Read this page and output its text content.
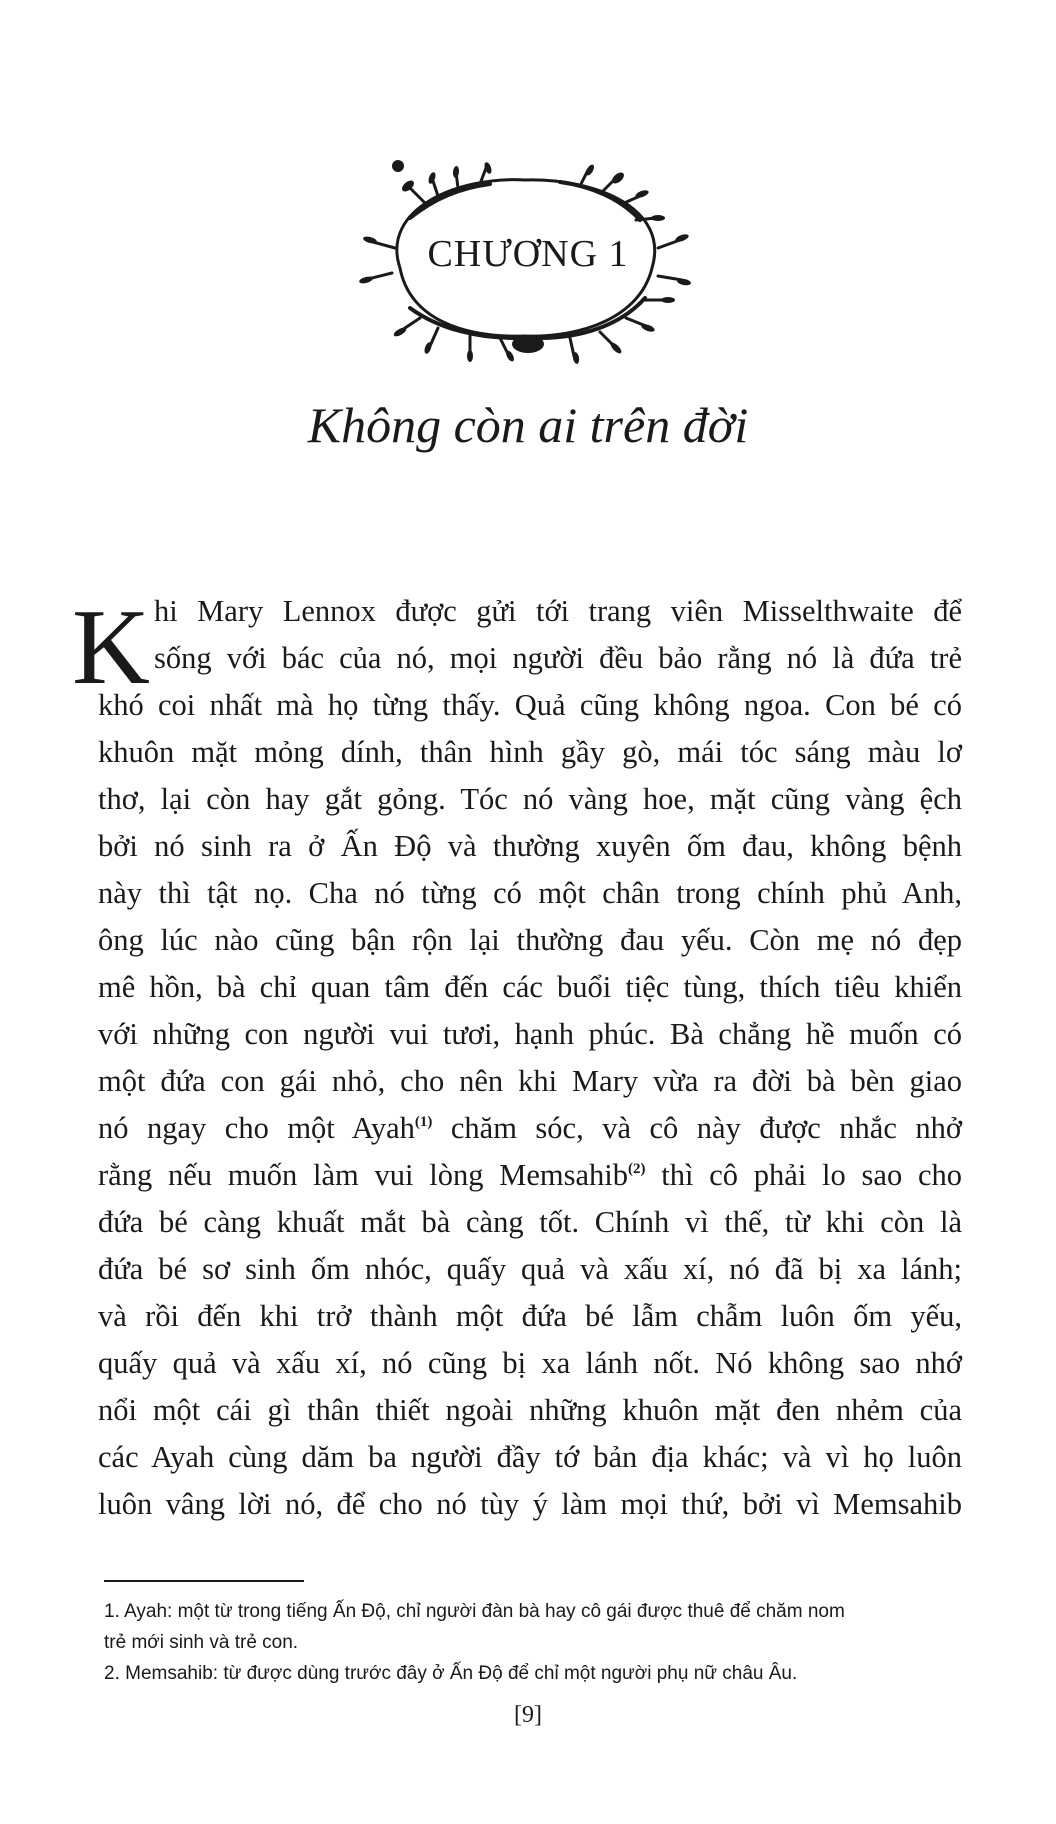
CHƯƠNG 1
Không còn ai trên đời
K hi Mary Lennox được gửi tới trang viên Misselthwaite để
sống với bác của nó, mọi người đều bảo rằng nó là đứa trẻ
khó coi nhất mà họ từng thấy. Quả cũng không ngoa. Con bé có
khuôn mặt mỏng dính, thân hình gầy gò, mái tóc sáng màu lơ
thơ, lại còn hay gắt gỏng. Tóc nó vàng hoe, mặt cũng vàng ệch
bởi nó sinh ra ở Ấn Độ và thường xuyên ốm đau, không bệnh
này thì tật nọ. Cha nó từng có một chân trong chính phủ Anh,
ông lúc nào cũng bận rộn lại thường đau yếu. Còn mẹ nó đẹp
mê hồn, bà chỉ quan tâm đến các buổi tiệc tùng, thích tiêu khiển
với những con người vui tươi, hạnh phúc. Bà chẳng hề muốn có
một đứa con gái nhỏ, cho nên khi Mary vừa ra đời bà bèn giao
nó ngay cho một Ayah$^{(1)}$ chăm sóc, và cô này được nhắc nhở
rằng nếu muốn làm vui lòng Memsahib$^{(2)}$ thì cô phải lo sao cho
đứa bé càng khuất mắt bà càng tốt. Chính vì thế, từ khi còn là
đứa bé sơ sinh ốm nhóc, quấy quả và xấu xí, nó đã bị xa lánh;
và rồi đến khi trở thành một đứa bé lẫm chẫm luôn ốm yếu,
quấy quả và xấu xí, nó cũng bị xa lánh nốt. Nó không sao nhớ
nổi một cái gì thân thiết ngoài những khuôn mặt đen nhẻm của
các Ayah cùng dăm ba người đầy tớ bản địa khác; và vì họ luôn
luôn vâng lời nó, để cho nó tùy ý làm mọi thứ, bởi vì Memsahib
1. Ayah: một từ trong tiếng Ấn Độ, chỉ người đàn bà hay cô gái được thuê để chăm nom
trẻ mới sinh và trẻ con.
2. Memsahib: từ được dùng trước đây ở Ấn Độ để chỉ một người phụ nữ châu Âu.
[9]
